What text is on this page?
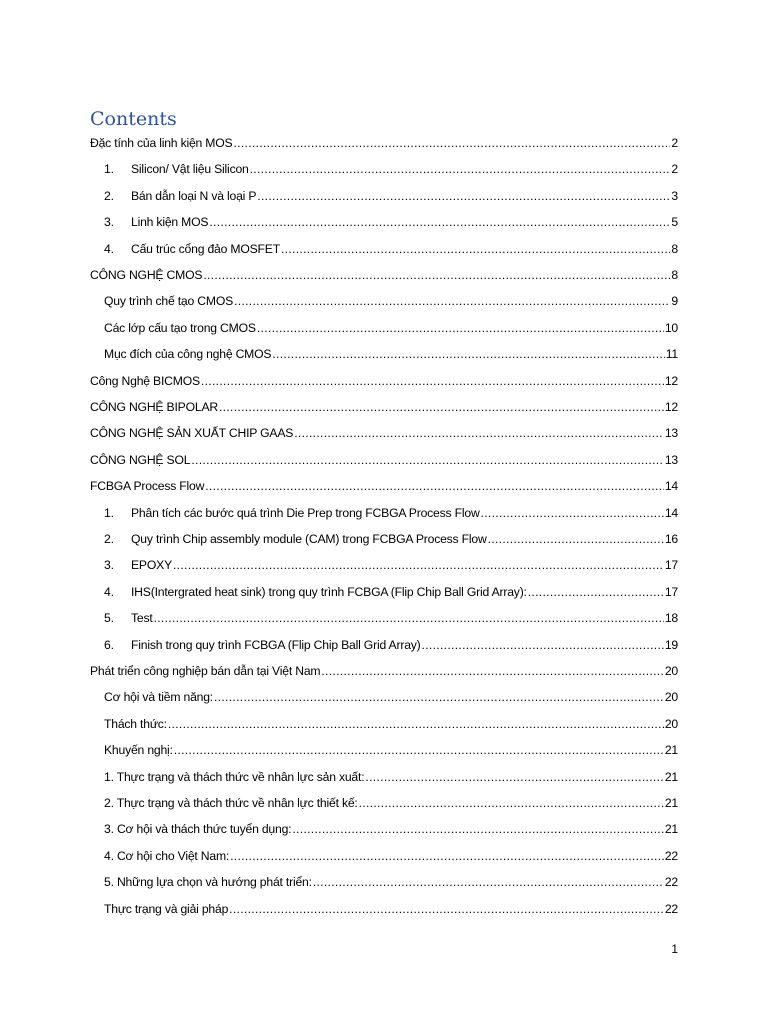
Contents
Đặc tính của linh kiện MOS .....	2
1.	Silicon/ Vật liệu Silicon .....	2
2.	Bán dẫn loại N và loại P .....	3
3.	Linh kiện MOS .....	5
4.	Cấu trúc cổng đảo MOSFET .....	8
CÔNG NGHỆ CMOS .....	8
Quy trình chế tạo CMOS .....	9
Các lớp cấu tạo trong CMOS .....	10
Mục đích của công nghệ CMOS .....	11
Công Nghệ BICMOS .....	12
CÔNG NGHỆ BIPOLAR .....	12
CÔNG NGHỆ SẢN XUẤT CHIP GAAS .....	13
CÔNG NGHỆ SOL .....	13
FCBGA Process Flow .....	14
1.	Phân tích các bước quá trình Die Prep trong FCBGA Process Flow .....	14
2.	Quy trình Chip assembly module (CAM) trong FCBGA Process Flow .....	16
3.	EPOXY .....	17
4.	IHS(Intergrated heat sink) trong quy trình FCBGA (Flip Chip Ball Grid Array): .....	17
5.	Test .....	18
6.	Finish trong quy trình FCBGA (Flip Chip Ball Grid Array) .....	19
Phát triển công nghiệp bán dẫn tại Việt Nam .....	20
Cơ hội và tiềm năng: .....	20
Thách thức: .....	20
Khuyến nghị: .....	21
1. Thực trạng và thách thức về nhân lực sản xuất: .....	21
2. Thực trạng và thách thức về nhân lực thiết kế: .....	21
3. Cơ hội và thách thức tuyển dụng: .....	21
4. Cơ hội cho Việt Nam: .....	22
5. Những lựa chọn và hướng phát triển: .....	22
Thực trạng và giải pháp .....	22
1
